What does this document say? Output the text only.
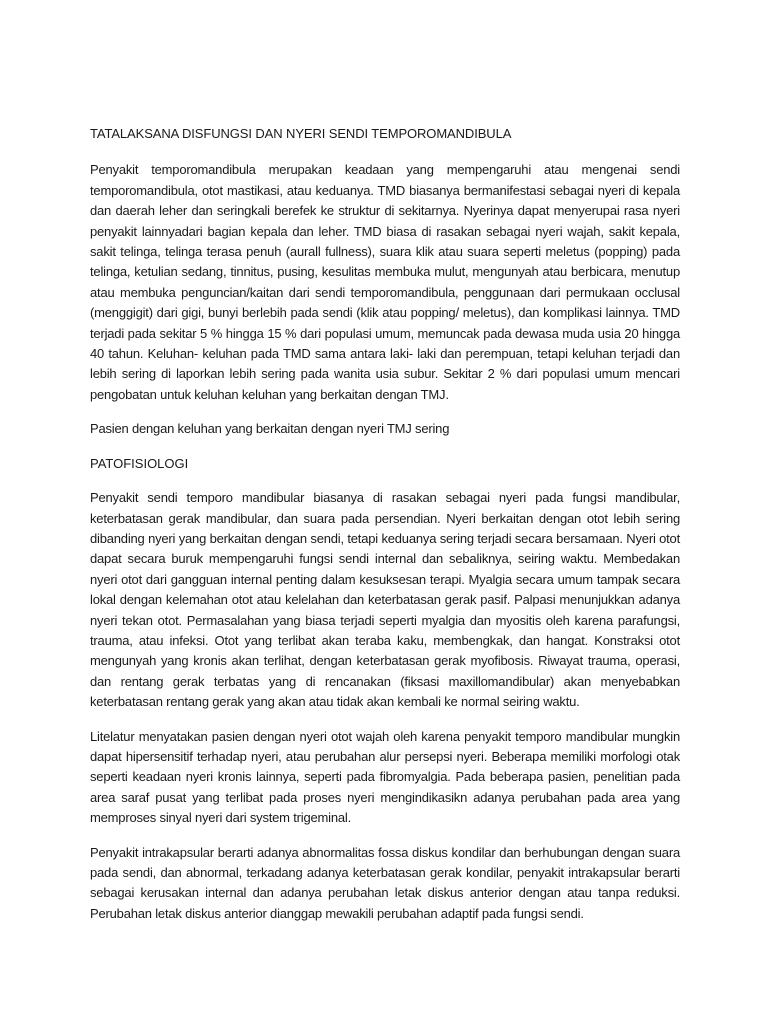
TATALAKSANA DISFUNGSI DAN NYERI SENDI TEMPOROMANDIBULA

Penyakit temporomandibula merupakan keadaan yang mempengaruhi atau mengenai sendi temporomandibula, otot mastikasi, atau keduanya. TMD biasanya bermanifestasi sebagai nyeri di kepala dan daerah leher dan seringkali berefek ke struktur di sekitarnya. Nyerinya dapat menyerupai rasa nyeri penyakit lainnyadari bagian kepala dan leher. TMD biasa di rasakan sebagai nyeri wajah, sakit kepala, sakit telinga, telinga terasa penuh (aurall fullness), suara klik atau suara seperti meletus (popping) pada telinga, ketulian sedang, tinnitus, pusing, kesulitas membuka mulut, mengunyah atau berbicara, menutup atau membuka penguncian/kaitan dari sendi temporomandibula, penggunaan dari permukaan occlusal (menggigit) dari gigi, bunyi berlebih pada sendi (klik atau popping/ meletus), dan komplikasi lainnya. TMD terjadi pada sekitar 5 % hingga 15 % dari populasi umum, memuncak pada dewasa muda usia 20 hingga 40 tahun. Keluhan- keluhan pada TMD sama antara laki- laki dan perempuan, tetapi keluhan terjadi dan lebih sering di laporkan lebih sering pada wanita usia subur. Sekitar 2 % dari populasi umum mencari pengobatan untuk keluhan keluhan yang berkaitan dengan TMJ.

Pasien dengan keluhan yang berkaitan dengan nyeri TMJ sering

PATOFISIOLOGI

Penyakit sendi temporo mandibular biasanya di rasakan sebagai nyeri pada fungsi mandibular, keterbatasan gerak mandibular, dan suara pada persendian. Nyeri berkaitan dengan otot lebih sering dibanding nyeri yang berkaitan dengan sendi, tetapi keduanya sering terjadi secara bersamaan. Nyeri otot dapat secara buruk mempengaruhi fungsi sendi internal dan sebaliknya, seiring waktu. Membedakan nyeri otot dari gangguan internal penting dalam kesuksesan terapi. Myalgia secara umum tampak secara lokal dengan kelemahan otot atau kelelahan dan keterbatasan gerak pasif. Palpasi menunjukkan adanya nyeri tekan otot. Permasalahan yang biasa terjadi seperti myalgia dan myositis oleh karena parafungsi, trauma, atau infeksi. Otot yang terlibat akan teraba kaku, membengkak, dan hangat. Konstraksi otot mengunyah yang kronis akan terlihat, dengan keterbatasan gerak myofibosis. Riwayat trauma, operasi, dan rentang gerak terbatas yang di rencanakan (fiksasi maxillomandibular) akan menyebabkan keterbatasan rentang gerak yang akan atau tidak akan kembali ke normal seiring waktu.

Litelatur menyatakan pasien dengan nyeri otot wajah oleh karena penyakit temporo mandibular mungkin dapat hipersensitif terhadap nyeri, atau perubahan alur persepsi nyeri. Beberapa memiliki morfologi otak seperti keadaan nyeri kronis lainnya, seperti pada fibromyalgia. Pada beberapa pasien, penelitian pada area saraf pusat yang terlibat pada proses nyeri mengindikasikn adanya perubahan pada area yang memproses sinyal nyeri dari system trigeminal.

Penyakit intrakapsular berarti adanya abnormalitas fossa diskus kondilar dan berhubungan dengan suara pada sendi, dan abnormal, terkadang adanya keterbatasan gerak kondilar, penyakit intrakapsular berarti sebagai kerusakan internal dan adanya perubahan letak diskus anterior dengan atau tanpa reduksi. Perubahan letak diskus anterior dianggap mewakili perubahan adaptif pada fungsi sendi.
